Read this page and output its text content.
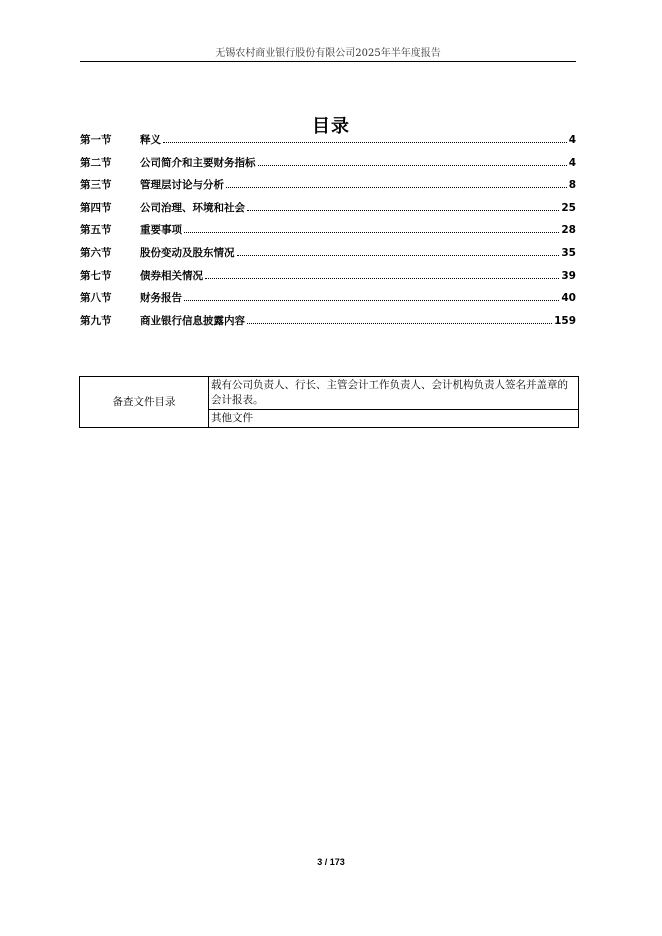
无锡农村商业银行股份有限公司2025年半年度报告
目录
第一节	释义	4
第二节	公司简介和主要财务指标	4
第三节	管理层讨论与分析	8
第四节	公司治理、环境和社会	25
第五节	重要事项	28
第六节	股份变动及股东情况	35
第七节	债券相关情况	39
第八节	财务报告	40
第九节	商业银行信息披露内容	159
备查文件目录	载有公司负责人、行长、主管会计工作负责人、会计机构负责人签名并盖章的会计报表。
其他文件
3 / 173
